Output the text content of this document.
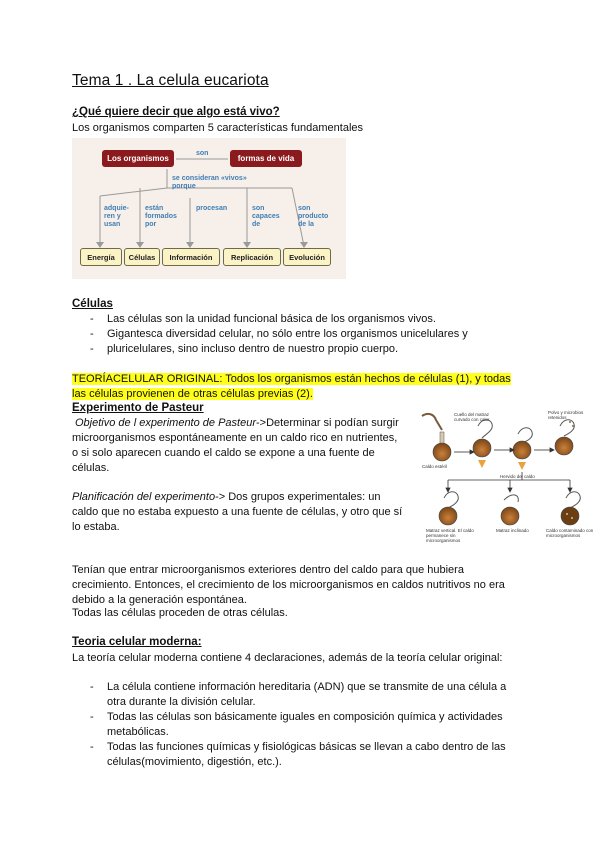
Tema 1 . La celula eucariota
¿Qué quiere decir que algo está vivo?
Los organismos comparten 5 características fundamentales
Los organismos
son
formas de vida
se consideran «vivos»
porque
adquie-
ren y
usan
están
formados
por
procesan	son
capaces
de
son
producto
de la
Energía	Células	Información	Replicación	Evolución
Células
- Las células son la unidad funcional básica de los organismos vivos.
- Gigantesca diversidad celular, no sólo entre los organismos unicelulares y
- pluricelulares, sino incluso dentro de nuestro propio cuerpo.
TEORÍACELULAR ORIGINAL: Todos los organismos están hechos de células (1), y todas
las células provienen de otras células previas (2).
Experimento de Pasteur
Objetivo de l experimento de Pasteur->Determinar si podían surgir
microorganismos espontáneamente en un caldo rico en nutrientes,
o si solo aparecen cuando el caldo se expone a una fuente de
células.
Planificación del experimento-> Dos grupos experimentales: un
caldo que no estaba expuesto a una fuente de células, y otro que sí
lo estaba.
Cuello del matraz curvado con calor
Polvo y microbios retenidos
Caldo estéril
Hervido del caldo
Matraz vertical. El caldo permanece sin microorganismos
Matraz inclinado	Caldo contaminado con microorganismos
Tenían que entrar microorganismos exteriores dentro del caldo para que hubiera
crecimiento. Entonces, el crecimiento de los microorganismos en caldos nutritivos no era
debido a la generación espontánea.
Todas las células proceden de otras células.
Teoria celular moderna:
La teoría celular moderna contiene 4 declaraciones, además de la teoría celular original:
- La célula contiene información hereditaria (ADN) que se transmite de una célula a
otra durante la división celular.
- Todas las células son básicamente iguales en composición química y actividades
metabólicas.
- Todas las funciones químicas y fisiológicas básicas se llevan a cabo dentro de las
células(movimiento, digestión, etc.).
